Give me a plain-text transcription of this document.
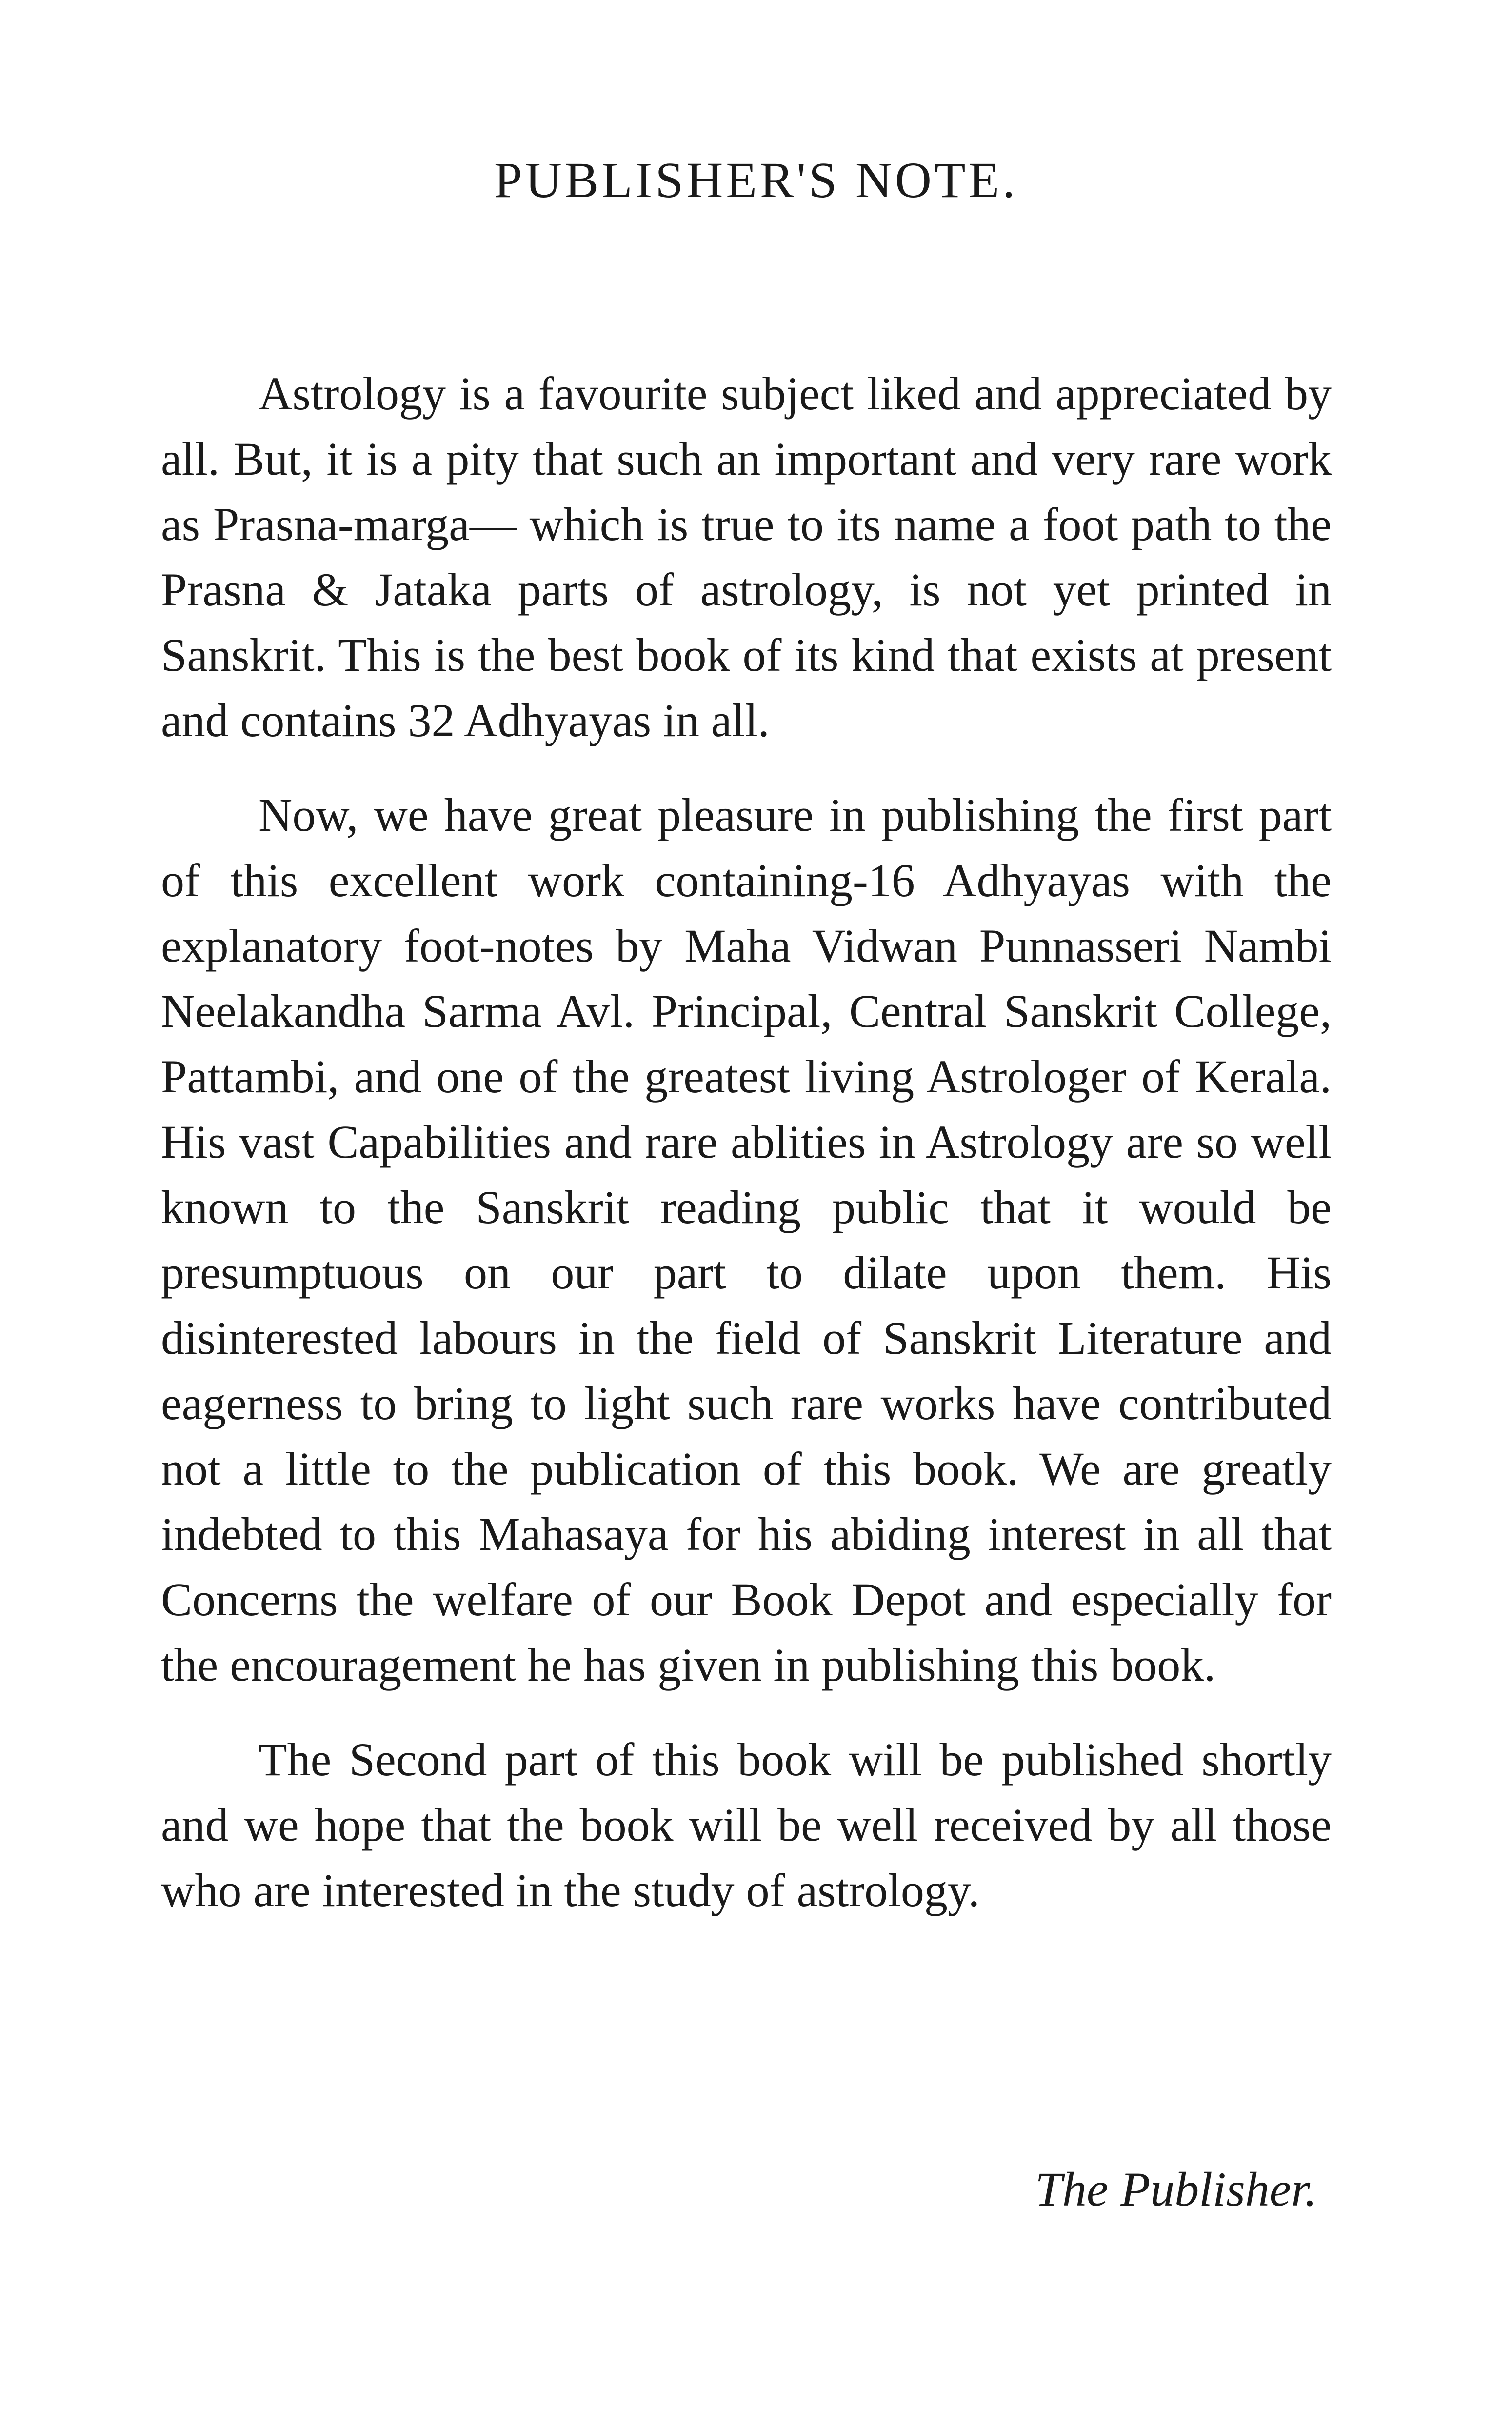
PUBLISHER'S NOTE.

Astrology is a favourite subject liked and appreciated by all. But, it is a pity that such an important and very rare work as Prasna-marga— which is true to its name a foot path to the Prasna & Jataka parts of astrology, is not yet printed in Sanskrit. This is the best book of its kind that exists at present and contains 32 Adhyayas in all.

Now, we have great pleasure in publishing the first part of this excellent work containing-16 Adhyayas with the explanatory foot-notes by Maha Vidwan Punnasseri Nambi Neelakandha Sarma Avl. Principal, Central Sanskrit College, Pattambi, and one of the greatest living Astrologer of Kerala. His vast Capabilities and rare ablities in Astrology are so well known to the Sanskrit reading public that it would be presumptuous on our part to dilate upon them. His disinterested labours in the field of Sanskrit Literature and eagerness to bring to light such rare works have contributed not a little to the publication of this book. We are greatly indebted to this Mahasaya for his abiding interest in all that Concerns the welfare of our Book Depot and especially for the encouragement he has given in publishing this book.

The Second part of this book will be published shortly and we hope that the book will be well received by all those who are interested in the study of astrology.

The Publisher.
